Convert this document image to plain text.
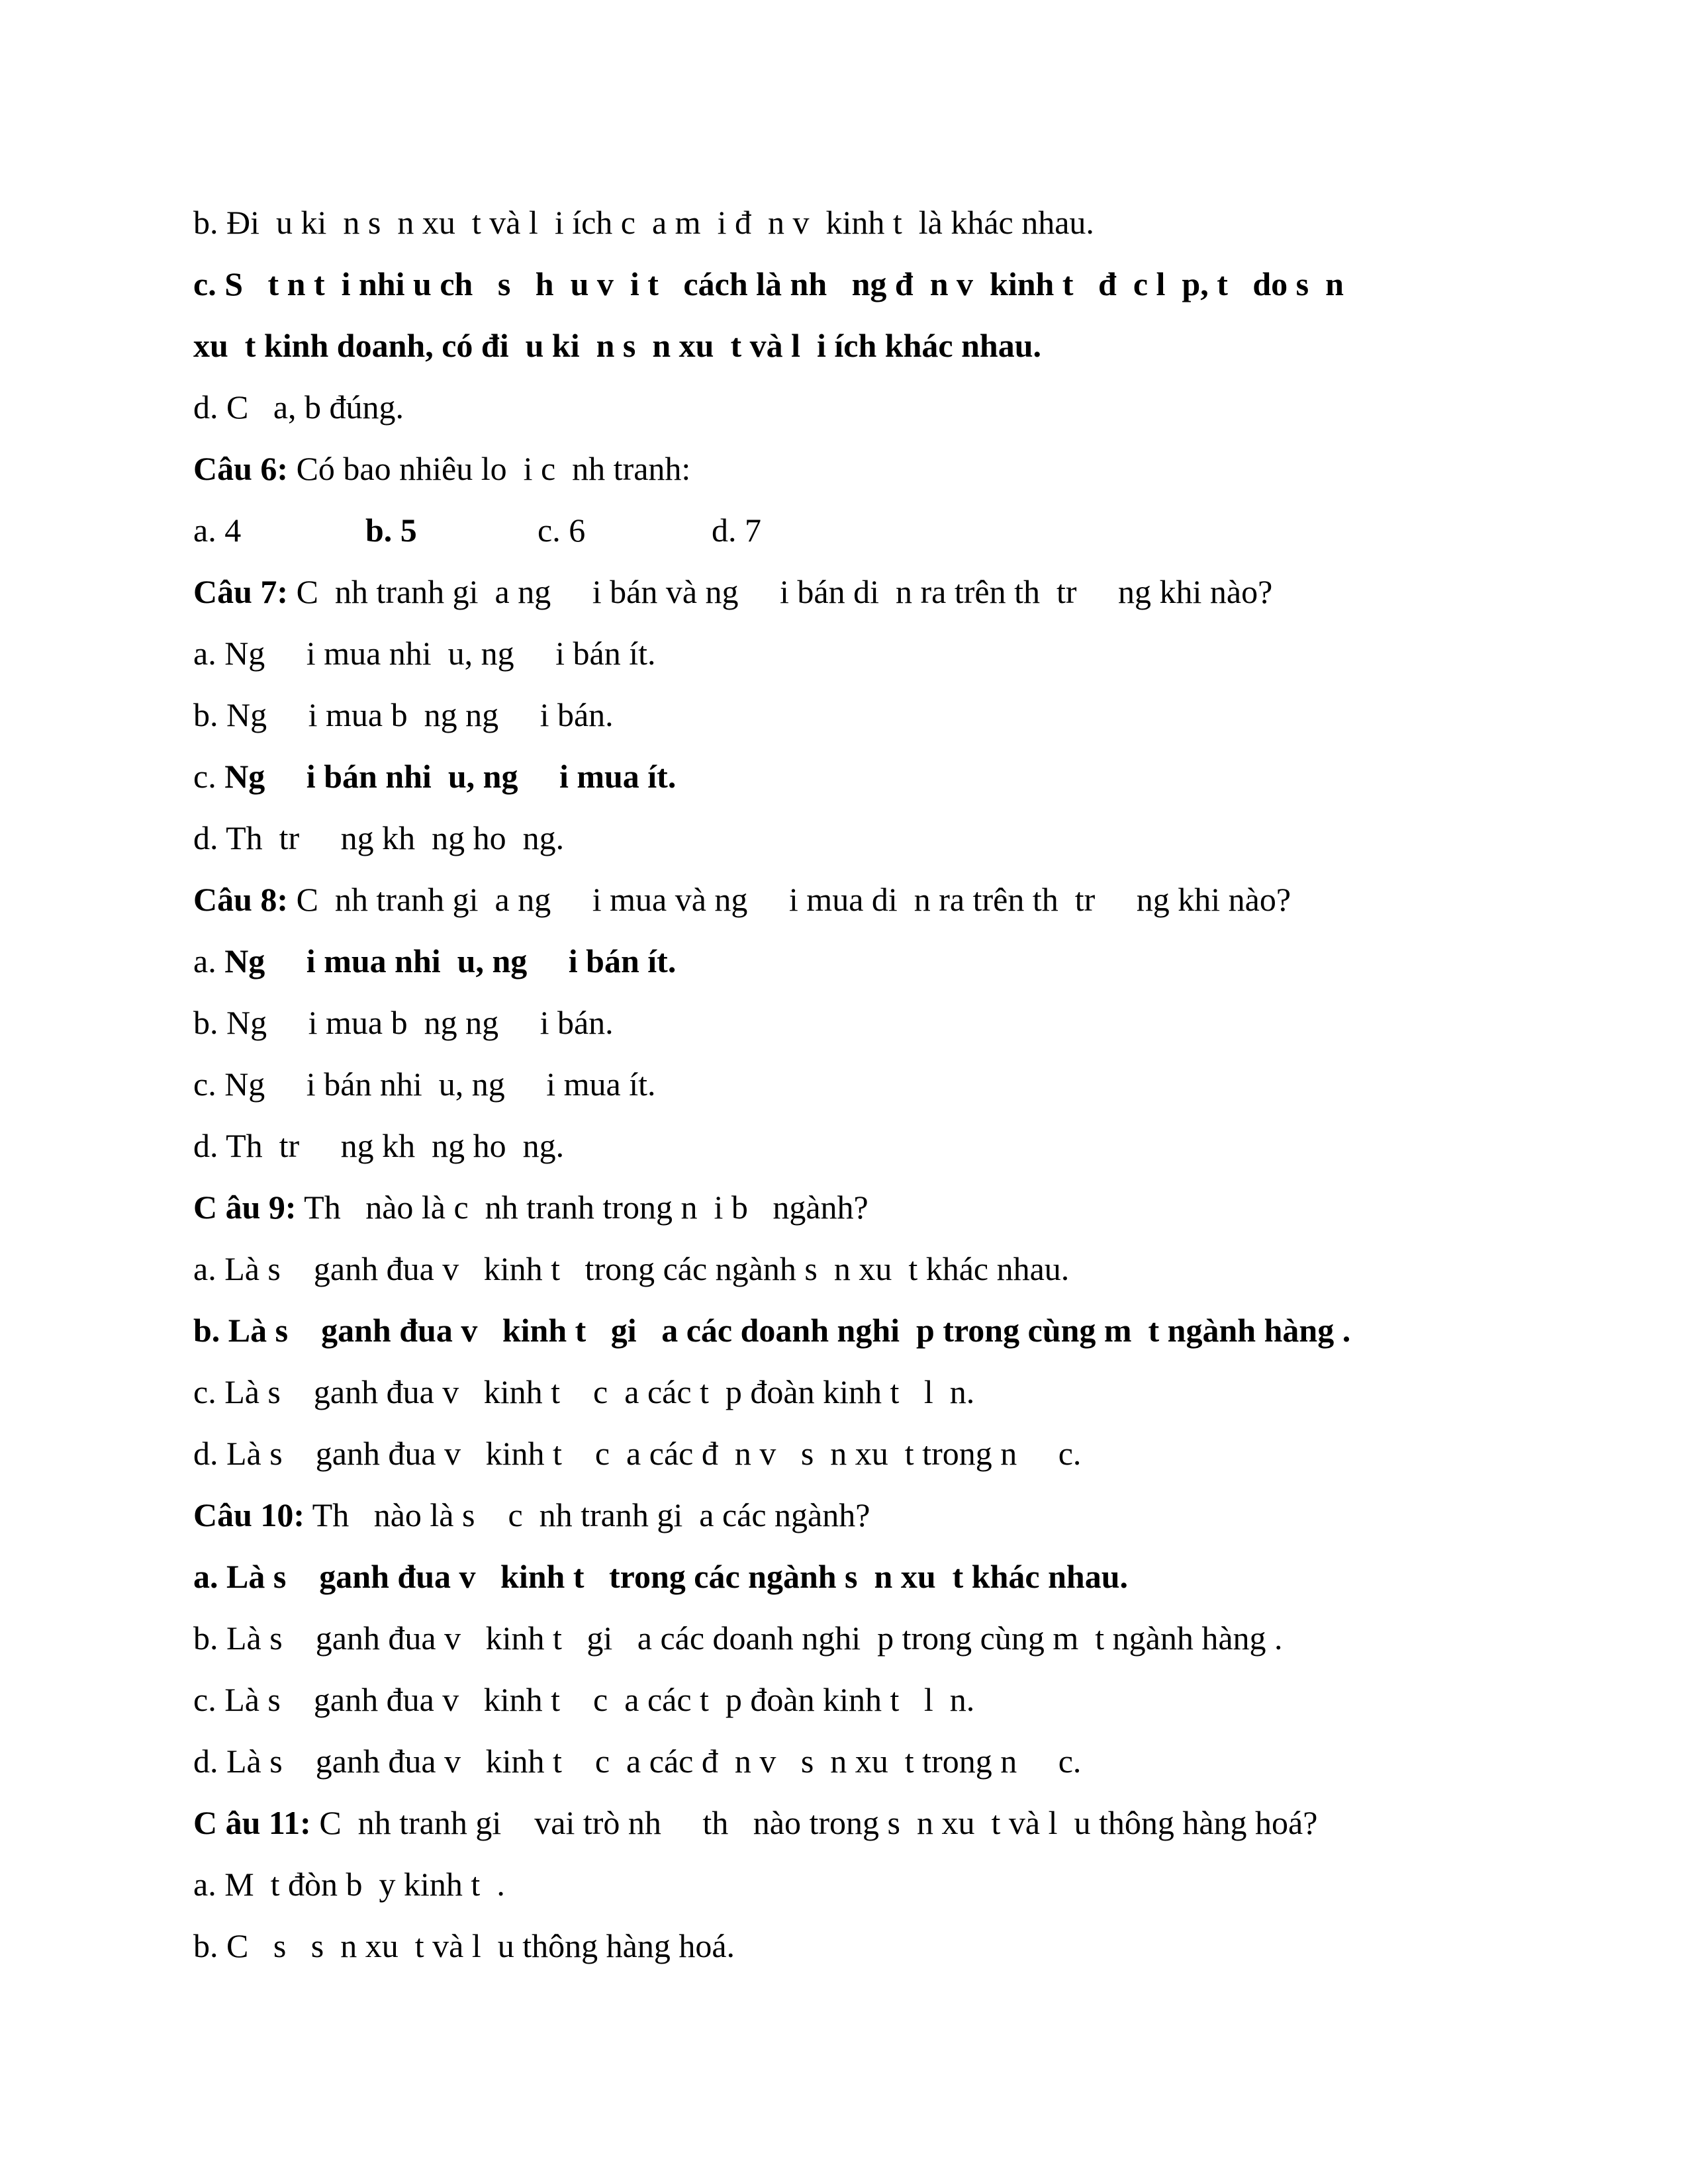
b. Đi  u ki  n s  n xu  t và l  i ích c  a m  i đ  n v  kinh t  là khác nhau.
c. S   t n t  i nhi u ch   s   h  u v  i t   cách là nh   ng đ  n v  kinh t   đ  c l  p, t   do s  n
xu  t kinh doanh, có đi  u ki  n s  n xu  t và l  i ích khác nhau.
d. C   a, b đúng.
Câu 6: Có bao nhiêu lo  i c  nh tranh:
a. 4	b. 5	c. 6	d. 7
Câu 7: C  nh tranh gi  a ng     i bán và ng     i bán di  n ra trên th  tr     ng khi nào?
a. Ng     i mua nhi  u, ng     i bán ít.
b. Ng     i mua b  ng ng     i bán.
c. Ng     i bán nhi  u, ng     i mua ít.
d. Th  tr     ng kh  ng ho  ng.
Câu 8: C  nh tranh gi  a ng     i mua và ng     i mua di  n ra trên th  tr     ng khi nào?
a. Ng     i mua nhi  u, ng     i bán ít.
b. Ng     i mua b  ng ng     i bán.
c. Ng     i bán nhi  u, ng     i mua ít.
d. Th  tr     ng kh  ng ho  ng.
C âu 9: Th   nào là c  nh tranh trong n  i b   ngành?
a. Là s    ganh đua v   kinh t   trong các ngành s  n xu  t khác nhau.
b. Là s    ganh đua v   kinh t   gi   a các doanh nghi  p trong cùng m  t ngành hàng .
c. Là s    ganh đua v   kinh t    c  a các t  p đoàn kinh t   l  n.
d. Là s    ganh đua v   kinh t    c  a các đ  n v   s  n xu  t trong n     c.
Câu 10: Th   nào là s    c  nh tranh gi  a các ngành?
a. Là s    ganh đua v   kinh t   trong các ngành s  n xu  t khác nhau.
b. Là s    ganh đua v   kinh t   gi   a các doanh nghi  p trong cùng m  t ngành hàng .
c. Là s    ganh đua v   kinh t    c  a các t  p đoàn kinh t   l  n.
d. Là s    ganh đua v   kinh t    c  a các đ  n v   s  n xu  t trong n     c.
C âu 11: C  nh tranh gi    vai trò nh     th   nào trong s  n xu  t và l  u thông hàng hoá?
a. M  t đòn b  y kinh t  .
b. C   s   s  n xu  t và l  u thông hàng hoá.
